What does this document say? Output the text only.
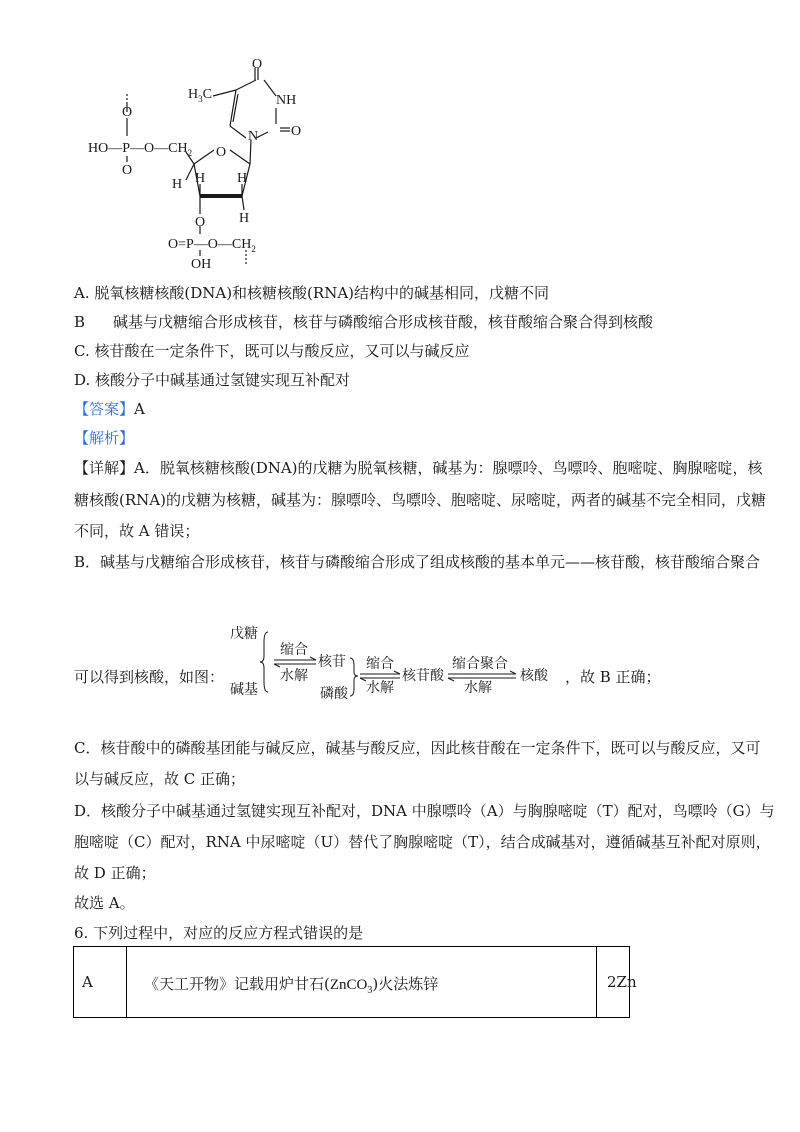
O
NH
N O
$H_3C$
O
O
$HO—P—O—CH_2$
O
H H H
H
O
$O=P—O—CH_2$
OH
A. 脱氧核糖核酸(DNA)和核糖核酸(RNA)结构中的碱基相同，戊糖不同
B 碱基与戊糖缩合形成核苷，核苷与磷酸缩合形成核苷酸，核苷酸缩合聚合得到核酸
C. 核苷酸在一定条件下，既可以与酸反应，又可以与碱反应
D. 核酸分子中碱基通过氢键实现互补配对
【答案】A
【解析】
【详解】A．脱氧核糖核酸(DNA)的戊糖为脱氧核糖，碱基为：腺嘌呤、鸟嘌呤、胞嘧啶、胸腺嘧啶，核
糖核酸(RNA)的戊糖为核糖，碱基为：腺嘌呤、鸟嘌呤、胞嘧啶、尿嘧啶，两者的碱基不完全相同，戊糖
不同，故 A 错误；
B．碱基与戊糖缩合形成核苷，核苷与磷酸缩合形成了组成核酸的基本单元——核苷酸，核苷酸缩合聚合
可以得到核酸，如图：
戊糖
碱基
缩合
水解
核苷
磷酸
缩合
水解
核苷酸
缩合聚合
水解
核酸 ，故 B 正确；
C．核苷酸中的磷酸基团能与碱反应，碱基与酸反应，因此核苷酸在一定条件下，既可以与酸反应，又可
以与碱反应，故 C 正确；
D．核酸分子中碱基通过氢键实现互补配对，DNA 中腺嘌呤（A）与胸腺嘧啶（T）配对，鸟嘌呤（G）与
胞嘧啶（C）配对，RNA 中尿嘧啶（U）替代了胸腺嘧啶（T），结合成碱基对，遵循碱基互补配对原则，
故 D 正确；
故选 A。
6. 下列过程中，对应的反应方程式错误的是
A	《天工开物》记载用炉甘石(ZnCO$_3$)火法炼锌	2Zn
